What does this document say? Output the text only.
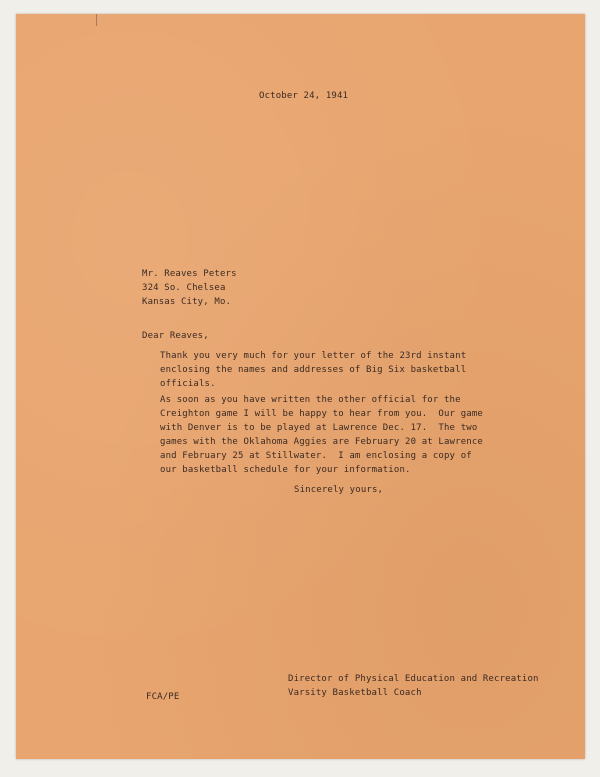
October 24, 1941
Mr. Reaves Peters
324 So. Chelsea
Kansas City, Mo.
Dear Reaves,
Thank you very much for your letter of the 23rd instant
enclosing the names and addresses of Big Six basketball
officials.
As soon as you have written the other official for the
Creighton game I will be happy to hear from you.  Our game
with Denver is to be played at Lawrence Dec. 17.  The two
games with the Oklahoma Aggies are February 20 at Lawrence
and February 25 at Stillwater.  I am enclosing a copy of
our basketball schedule for your information.
Sincerely yours,
FCA/PE
Director of Physical Education and Recreation
Varsity Basketball Coach
